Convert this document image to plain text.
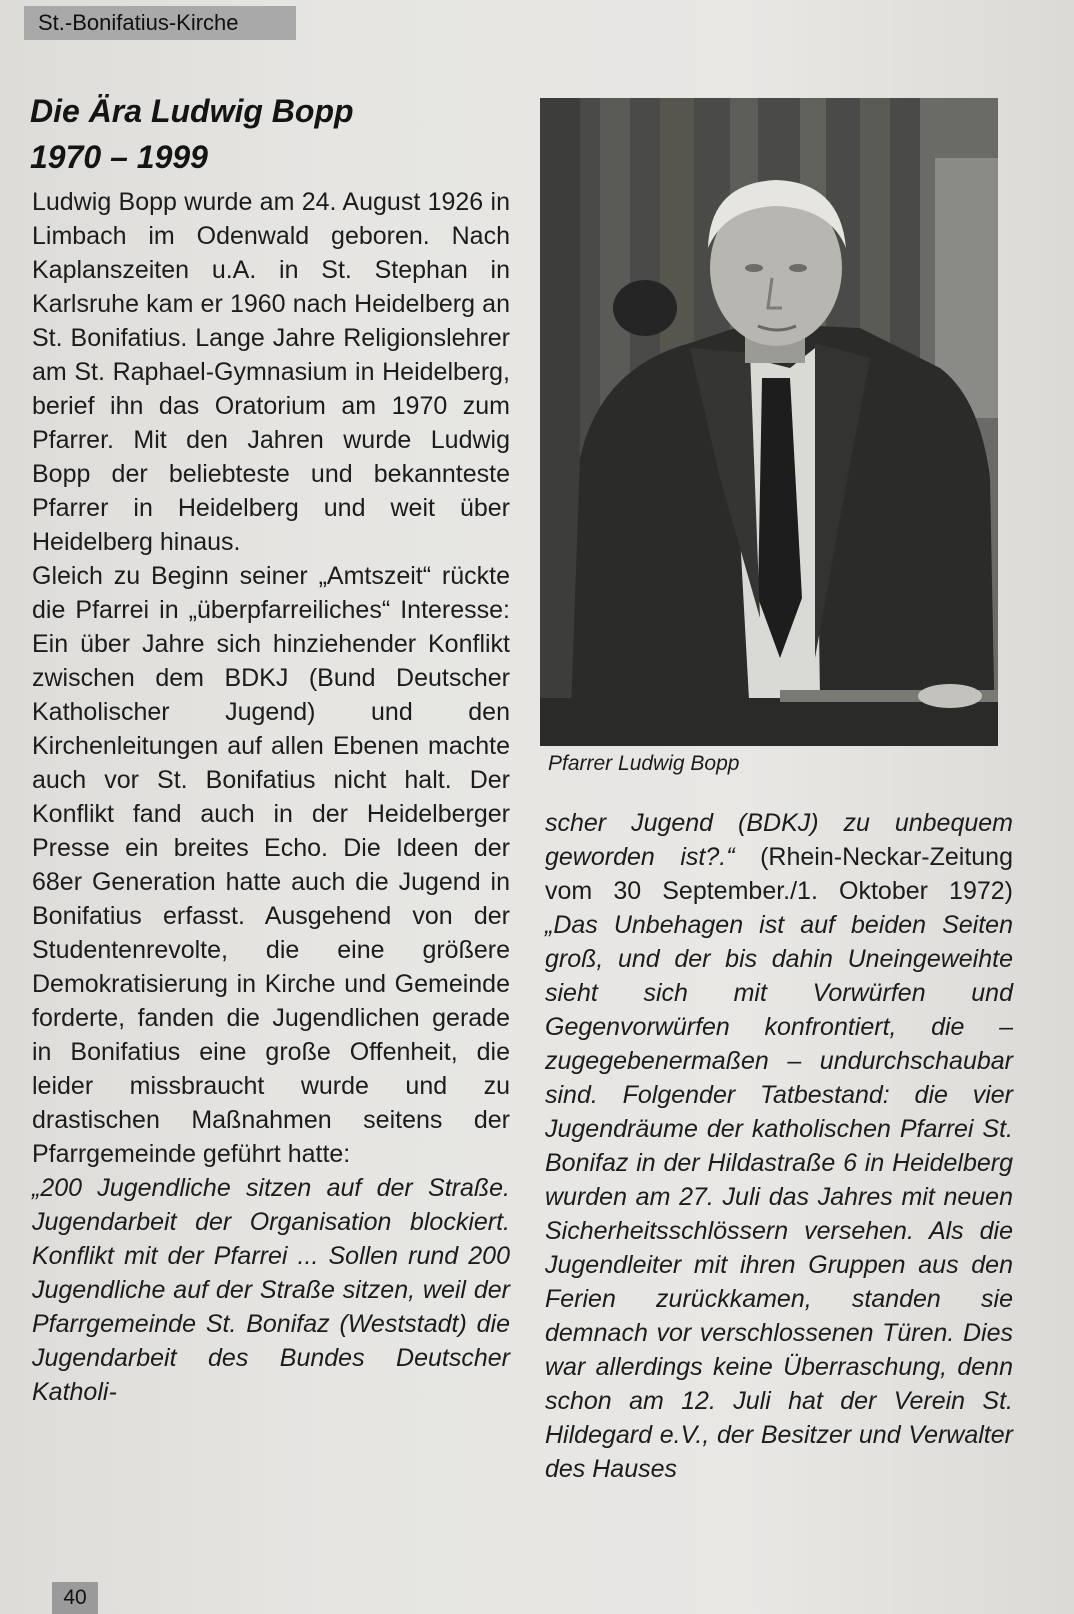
St.-Bonifatius-Kirche
Die Ära Ludwig Bopp
1970 – 1999

Ludwig Bopp wurde am 24. August 1926 in Limbach im Odenwald geboren. Nach Kaplanszeiten u.A. in St. Stephan in Karlsruhe kam er 1960 nach Heidelberg an St. Bonifatius. Lange Jahre Religionslehrer am St. Raphael-Gymnasium in Heidelberg, berief ihn das Oratorium am 1970 zum Pfarrer. Mit den Jahren wurde Ludwig Bopp der beliebteste und bekannteste Pfarrer in Heidelberg und weit über Heidelberg hinaus.

Gleich zu Beginn seiner „Amtszeit“ rückte die Pfarrei in „überpfarreiliches“ Interesse: Ein über Jahre sich hinziehender Konflikt zwischen dem BDKJ (Bund Deutscher Katholischer Jugend) und den Kirchenleitungen auf allen Ebenen machte auch vor St. Bonifatius nicht halt. Der Konflikt fand auch in der Heidelberger Presse ein breites Echo. Die Ideen der 68er Generation hatte auch die Jugend in Bonifatius erfasst. Ausgehend von der Studentenrevolte, die eine größere Demokratisierung in Kirche und Gemeinde forderte, fanden die Jugendlichen gerade in Bonifatius eine große Offenheit, die leider missbraucht wurde und zu drastischen Maßnahmen seitens der Pfarrgemeinde geführt hatte:

„200 Jugendliche sitzen auf der Straße. Jugendarbeit der Organisation blockiert. Konflikt mit der Pfarrei ... Sollen rund 200 Jugendliche auf der Straße sitzen, weil der Pfarrgemeinde St. Bonifaz (Weststadt) die Jugendarbeit des Bundes Deutscher Katholi-

Pfarrer Ludwig Bopp

scher Jugend (BDKJ) zu unbequem geworden ist?.“ (Rhein-Neckar-Zeitung vom 30 September./1. Oktober 1972) „Das Unbehagen ist auf beiden Seiten groß, und der bis dahin Uneingeweihte sieht sich mit Vorwürfen und Gegenvorwürfen konfrontiert, die – zugegebenermaßen – undurchschaubar sind. Folgender Tatbestand: die vier Jugendräume der katholischen Pfarrei St. Bonifaz in der Hildastraße 6 in Heidelberg wurden am 27. Juli das Jahres mit neuen Sicherheitsschlössern versehen. Als die Jugendleiter mit ihren Gruppen aus den Ferien zurückkamen, standen sie demnach vor verschlossenen Türen. Dies war allerdings keine Überraschung, denn schon am 12. Juli hat der Verein St. Hildegard e.V., der Besitzer und Verwalter des Hauses

40
